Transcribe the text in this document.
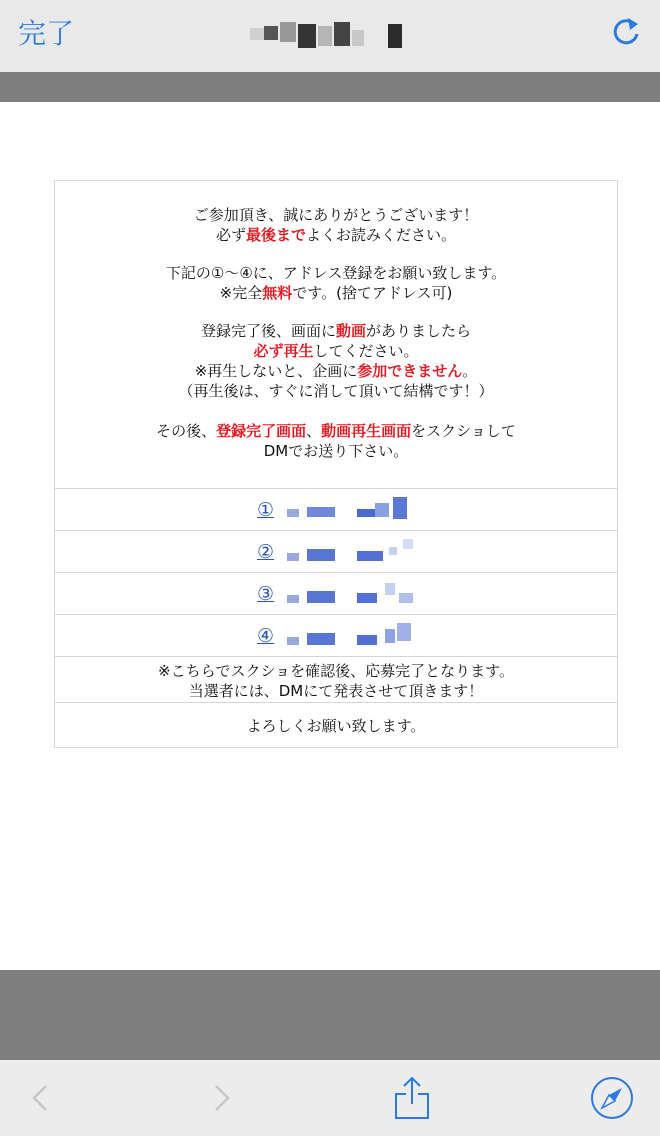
完了
ご参加頂き、誠にありがとうございます！
必ず最後までよくお読みください。
下記の①～④に、アドレス登録をお願い致します。
※完全無料です。(捨てアドレス可)
登録完了後、画面に動画がありましたら
必ず再生してください。
※再生しないと、企画に参加できません。
（再生後は、すぐに消して頂いて結構です！）
その後、登録完了画面、動画再生画面をスクショして
DMでお送り下さい。
①
②
③
④
※こちらでスクショを確認後、応募完了となります。
当選者には、DMにて発表させて頂きます！
よろしくお願い致します。
